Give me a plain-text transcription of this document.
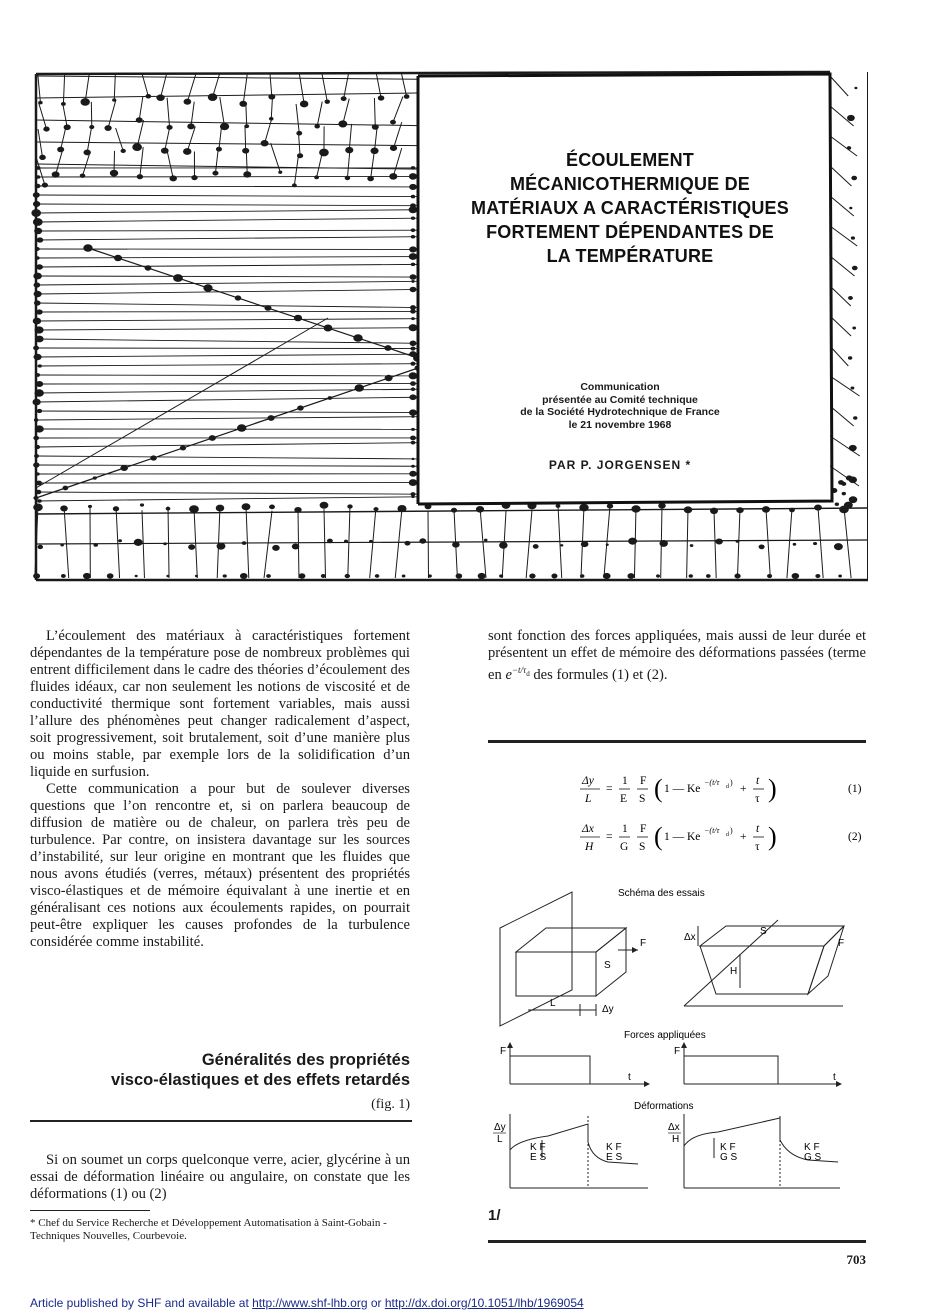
ÉCOULEMENT
MÉCANICOTHERMIQUE DE
MATÉRIAUX A CARACTÉRISTIQUES
FORTEMENT DÉPENDANTES DE
LA TEMPÉRATURE
Communication
présentée au Comité technique
de la Société Hydrotechnique de France
le 21 novembre 1968
PAR P. JORGENSEN *

L’écoulement des matériaux à caractéristiques fortement dépendantes de la température pose de nombreux problèmes qui entrent difficilement dans le cadre des théories d’écoulement des fluides idéaux, car non seulement les notions de viscosité et de conductivité thermique sont fortement variables, mais aussi l’allure des phénomènes peut changer radicalement d’aspect, soit progressivement, soit brutalement, soit d’une manière plus ou moins stable, par exemple lors de la solidification d’un liquide en surfusion.

Cette communication a pour but de soulever diverses questions que l’on rencontre et, si on parlera beaucoup de diffusion de matière ou de chaleur, on parlera très peu de turbulence. Par contre, on insistera davantage sur les sources d’instabilité, sur leur origine en montrant que les fluides que nous avons étudiés (verres, métaux) présentent des propriétés visco-élastiques et de mémoire équivalant à une inertie et en généralisant ces notions aux écoulements rapides, on pourrait peut-être expliquer les causes profondes de la turbulence considérée comme instabilité.

Généralités des propriétés
visco-élastiques et des effets retardés
(fig. 1)

Si on soumet un corps quelconque verre, acier, glycérine à un essai de déformation linéaire ou angulaire, on constate que les déformations (1) ou (2)

* Chef du Service Recherche et Développement Automatisation à Saint-Gobain - Techniques Nouvelles, Courbevoie.

sont fonction des forces appliquées, mais aussi de leur durée et présentent un effet de mémoire des déformations passées (terme en $e^{-t/\tau_d}$ des formules (1) et (2).

Δy
L
=
1
E
F
S ( 1 — Ke
−(t/τ d )
+
t
τ )	(1)
Δx
H
=
1
G
F
S ( 1 — Ke
−(t/τ d )
+
t
τ )	(2)
Schéma des essais
F
S
L
Δy
Δx
S
H
F
Forces appliquées
F	F
t	t
Déformations
Δy
L
Δx
H
K F
E S
K F
E S
K F
G S
K F
G S
1/
703
Article published by SHF and available at http://www.shf-lhb.org or http://dx.doi.org/10.1051/lhb/1969054
